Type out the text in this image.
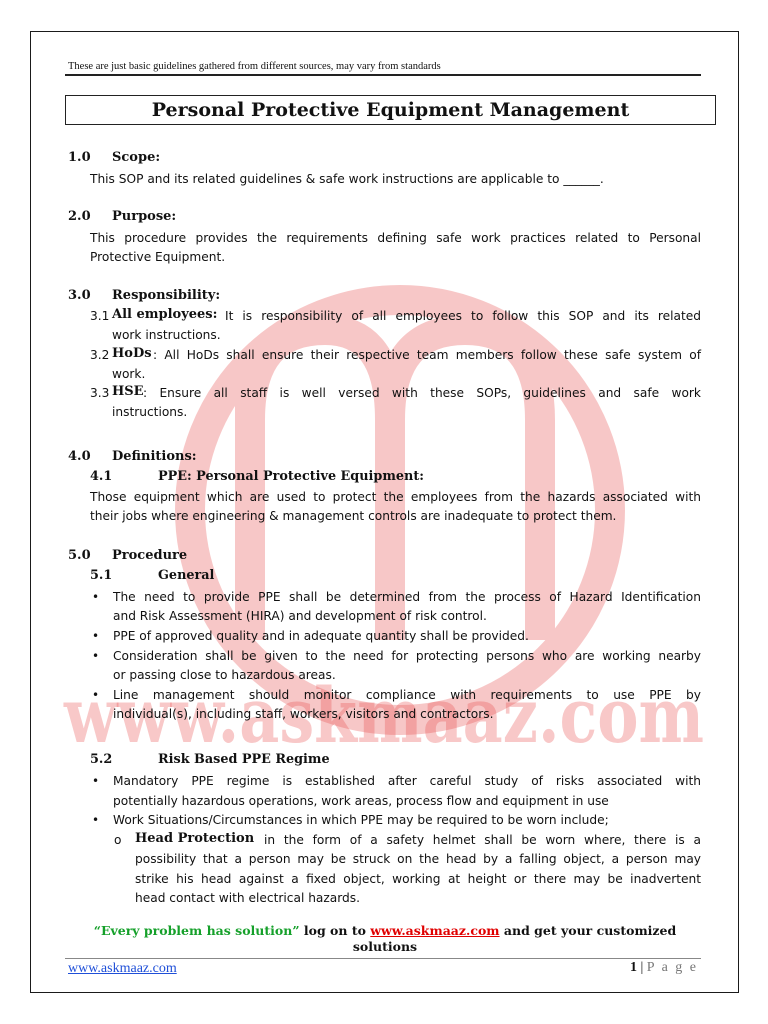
www.askmaaz.com
These are just basic guidelines gathered from different sources, may vary from standards
Personal Protective Equipment Management
1.0 Scope:
This SOP and its related guidelines & safe work instructions are applicable to ______.
2.0 Purpose:
This procedure provides the requirements defining safe work practices related to Personal
Protective Equipment.
3.0 Responsibility:
3.1 All employees: It is responsibility of all employees to follow this SOP and its related
work instructions.
3.2 HoDs : All HoDs shall ensure their respective team members follow these safe system of
work.
3.3 HSE : Ensure all staff is well versed with these SOPs, guidelines and safe work
instructions.
4.0 Definitions:
4.1	PPE: Personal Protective Equipment:
Those equipment which are used to protect the employees from the hazards associated with
their jobs where engineering & management controls are inadequate to protect them.
5.0 Procedure
5.1	General
• The need to provide PPE shall be determined from the process of Hazard Identification
and Risk Assessment (HIRA) and development of risk control.
• PPE of approved quality and in adequate quantity shall be provided.
• Consideration shall be given to the need for protecting persons who are working nearby
or passing close to hazardous areas.
• Line management should monitor compliance with requirements to use PPE by
individual(s), including staff, workers, visitors and contractors.
5.2	Risk Based PPE Regime
• Mandatory PPE regime is established after careful study of risks associated with
potentially hazardous operations, work areas, process flow and equipment in use
• Work Situations/Circumstances in which PPE may be required to be worn include;
o Head Protection in the form of a safety helmet shall be worn where, there is a
possibility that a person may be struck on the head by a falling object, a person may
strike his head against a fixed object, working at height or there may be inadvertent
head contact with electrical hazards.
“Every problem has solution” log on to www.askmaaz.com and get your customized
solutions
www.askmaaz.com	1 | P a g e
